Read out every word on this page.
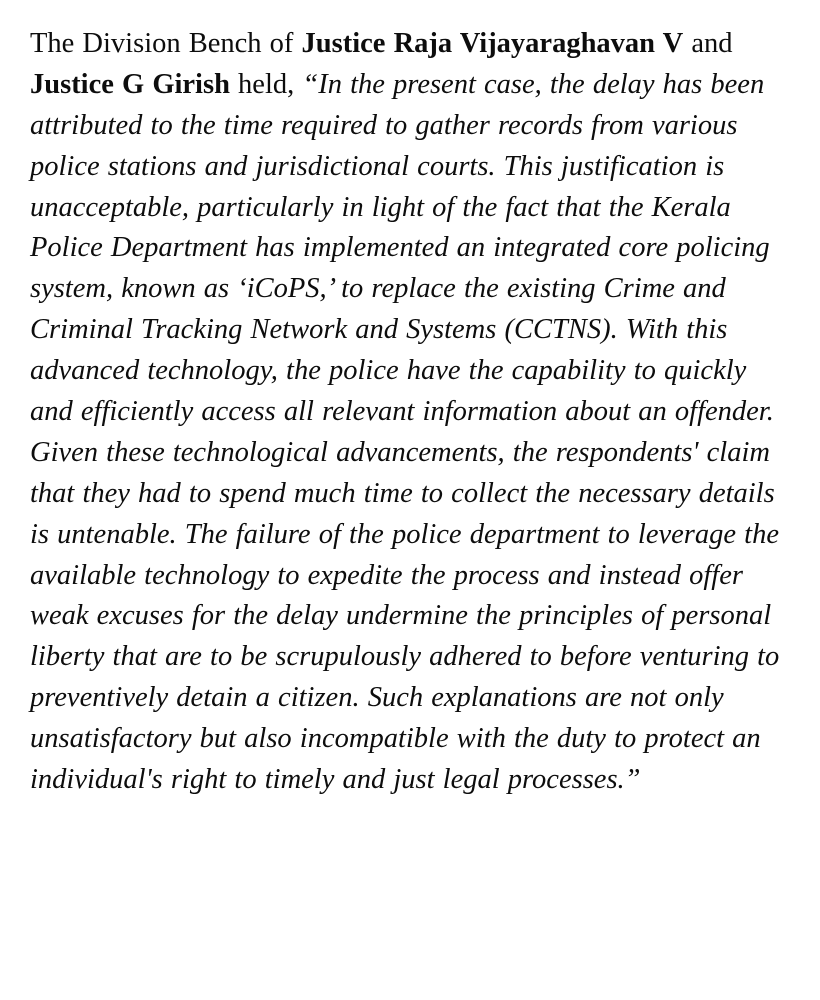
The Division Bench of Justice Raja Vijayaraghavan V and Justice G Girish held, “In the present case, the delay has been attributed to the time required to gather records from various police stations and jurisdictional courts. This justification is unacceptable, particularly in light of the fact that the Kerala Police Department has implemented an integrated core policing system, known as ‘iCoPS,’ to replace the existing Crime and Criminal Tracking Network and Systems (CCTNS). With this advanced technology, the police have the capability to quickly and efficiently access all relevant information about an offender. Given these technological advancements, the respondents' claim that they had to spend much time to collect the necessary details is untenable. The failure of the police department to leverage the available technology to expedite the process and instead offer weak excuses for the delay undermine the principles of personal liberty that are to be scrupulously adhered to before venturing to preventively detain a citizen. Such explanations are not only unsatisfactory but also incompatible with the duty to protect an individual's right to timely and just legal processes.”
